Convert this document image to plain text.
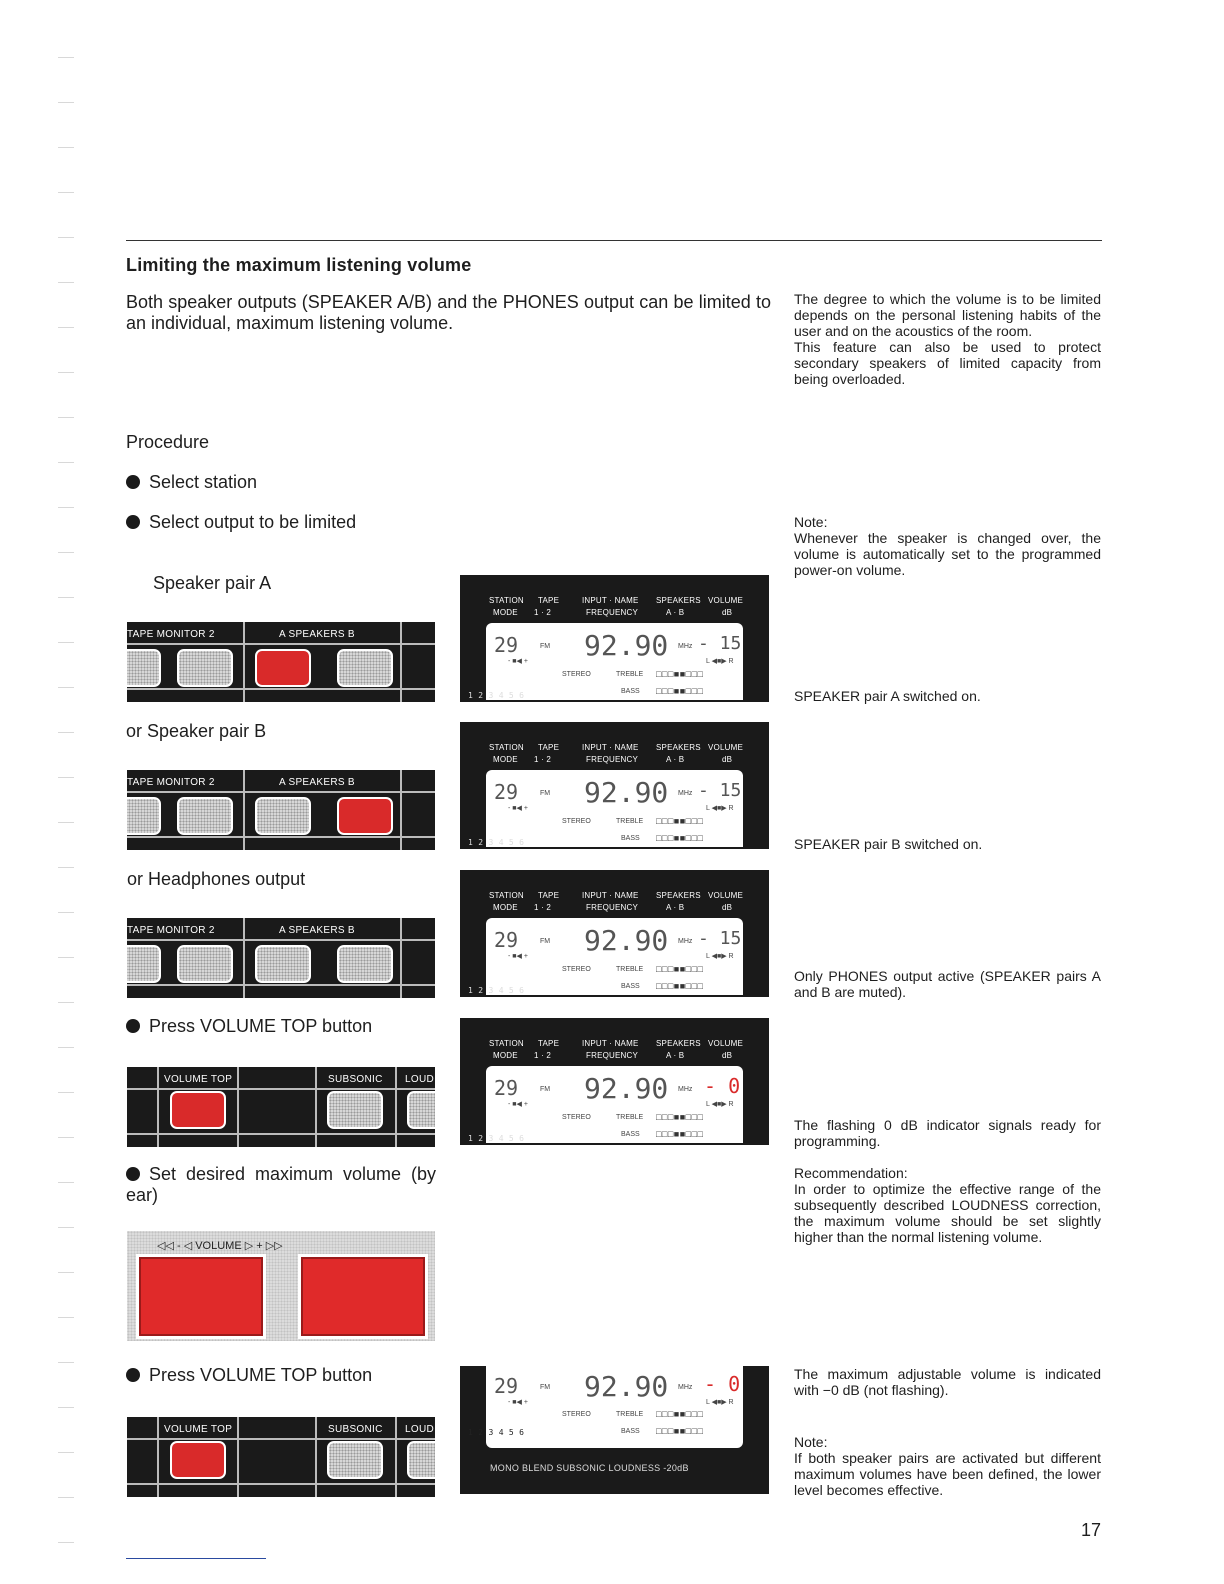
Limiting the maximum listening volume
Both speaker outputs (SPEAKER A/B) and the PHONES output can be limited to an individual, maximum listening volume.
The degree to which the volume is to be limited depends on the personal listening habits of the user and on the acoustics of the room.
This feature can also be used to protect secondary speakers of limited capacity from being overloaded.
Procedure
Select station
Select output to be limited	Note:
Whenever the speaker is changed over, the volume is automatically set to the programmed power-on volume.
Speaker pair A
TAPE MONITOR 2	A SPEAKERS B
STATION
MODE
TAPE
1 · 2
INPUT · NAME
FREQUENCY
SPEAKERS
A · B
VOLUME
dB
29	FM 92.90 MHz - 15
- ■◀ +	L ◀■▶ R
STEREO	TREBLE □□□■■□□□
BASS □□□■■□□□
1 2 3 4 5 6	SPEAKER pair A switched on.
or Speaker pair B
TAPE MONITOR 2	A SPEAKERS B
STATION
MODE
TAPE
1 · 2
INPUT · NAME
FREQUENCY
SPEAKERS
A · B
VOLUME
dB
29	FM 92.90 MHz - 15
- ■◀ +	L ◀■▶ R
STEREO	TREBLE □□□■■□□□
BASS □□□■■□□□
1 2 3 4 5 6	SPEAKER pair B switched on.
or Headphones output
TAPE MONITOR 2	A SPEAKERS B
STATION
MODE
TAPE
1 · 2
INPUT · NAME
FREQUENCY
SPEAKERS
A · B
VOLUME
dB
29	FM 92.90 MHz - 15
- ■◀ +	L ◀■▶ R
STEREO	TREBLE □□□■■□□□
BASS □□□■■□□□
1 2 3 4 5 6
Only PHONES output active (SPEAKER pairs A and B are muted).
Press VOLUME TOP button
VOLUME TOP	SUBSONIC LOUD
STATION
MODE
TAPE
1 · 2
INPUT · NAME
FREQUENCY
SPEAKERS
A · B
VOLUME
dB
29	FM 92.90 MHz - 0
- ■◀ +	L ◀■▶ R
STEREO	TREBLE □□□■■□□□
BASS □□□■■□□□
1 2 3 4 5 6
The flashing 0 dB indicator signals ready for programming.
Set desired maximum volume (by ear)
Recommendation:
In order to optimize the effective range of the subsequently described LOUDNESS correction, the maximum volume should be set slightly higher than the normal listening volume.
◁◁ - ◁ VOLUME ▷ + ▷▷
Press VOLUME TOP button
VOLUME TOP	SUBSONIC LOUD
29	FM 92.90 MHz - 0
- ■◀ +	L ◀■▶ R
STEREO	TREBLE □□□■■□□□
BASS □□□■■□□□
1 2 3 4 5 6
MONO BLEND SUBSONIC LOUDNESS -20dB
The maximum adjustable volume is indicated with −0 dB (not flashing).
Note:
If both speaker pairs are activated but different maximum volumes have been defined, the lower level becomes effective.
17
